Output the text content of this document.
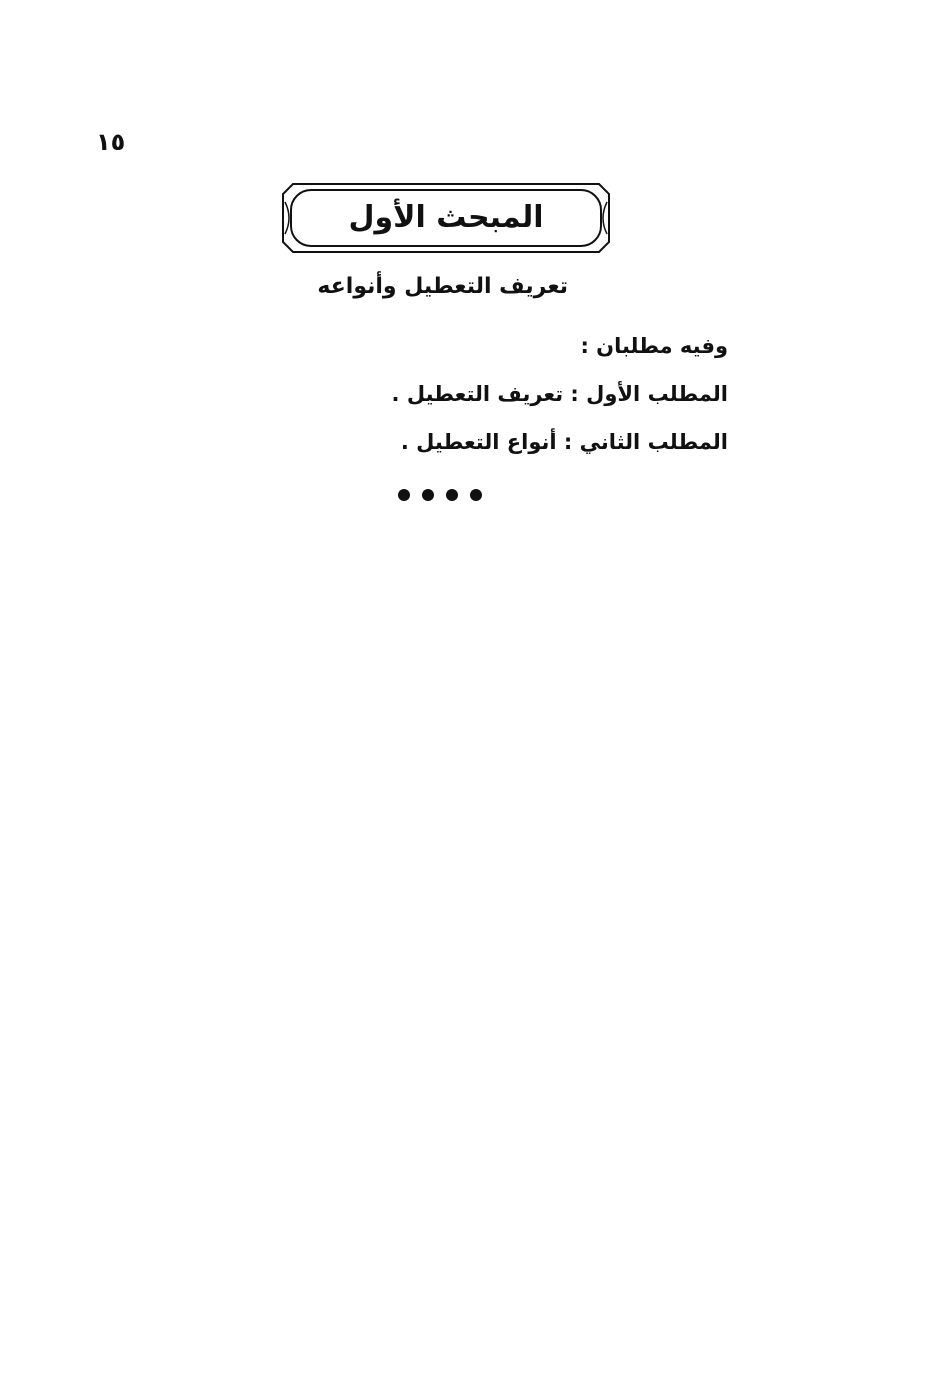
١٥
المبحث الأول
تعريف التعطيل وأنواعه
وفيه مطلبان :
المطلب الأول : تعريف التعطيل .
المطلب الثاني : أنواع التعطيل .
